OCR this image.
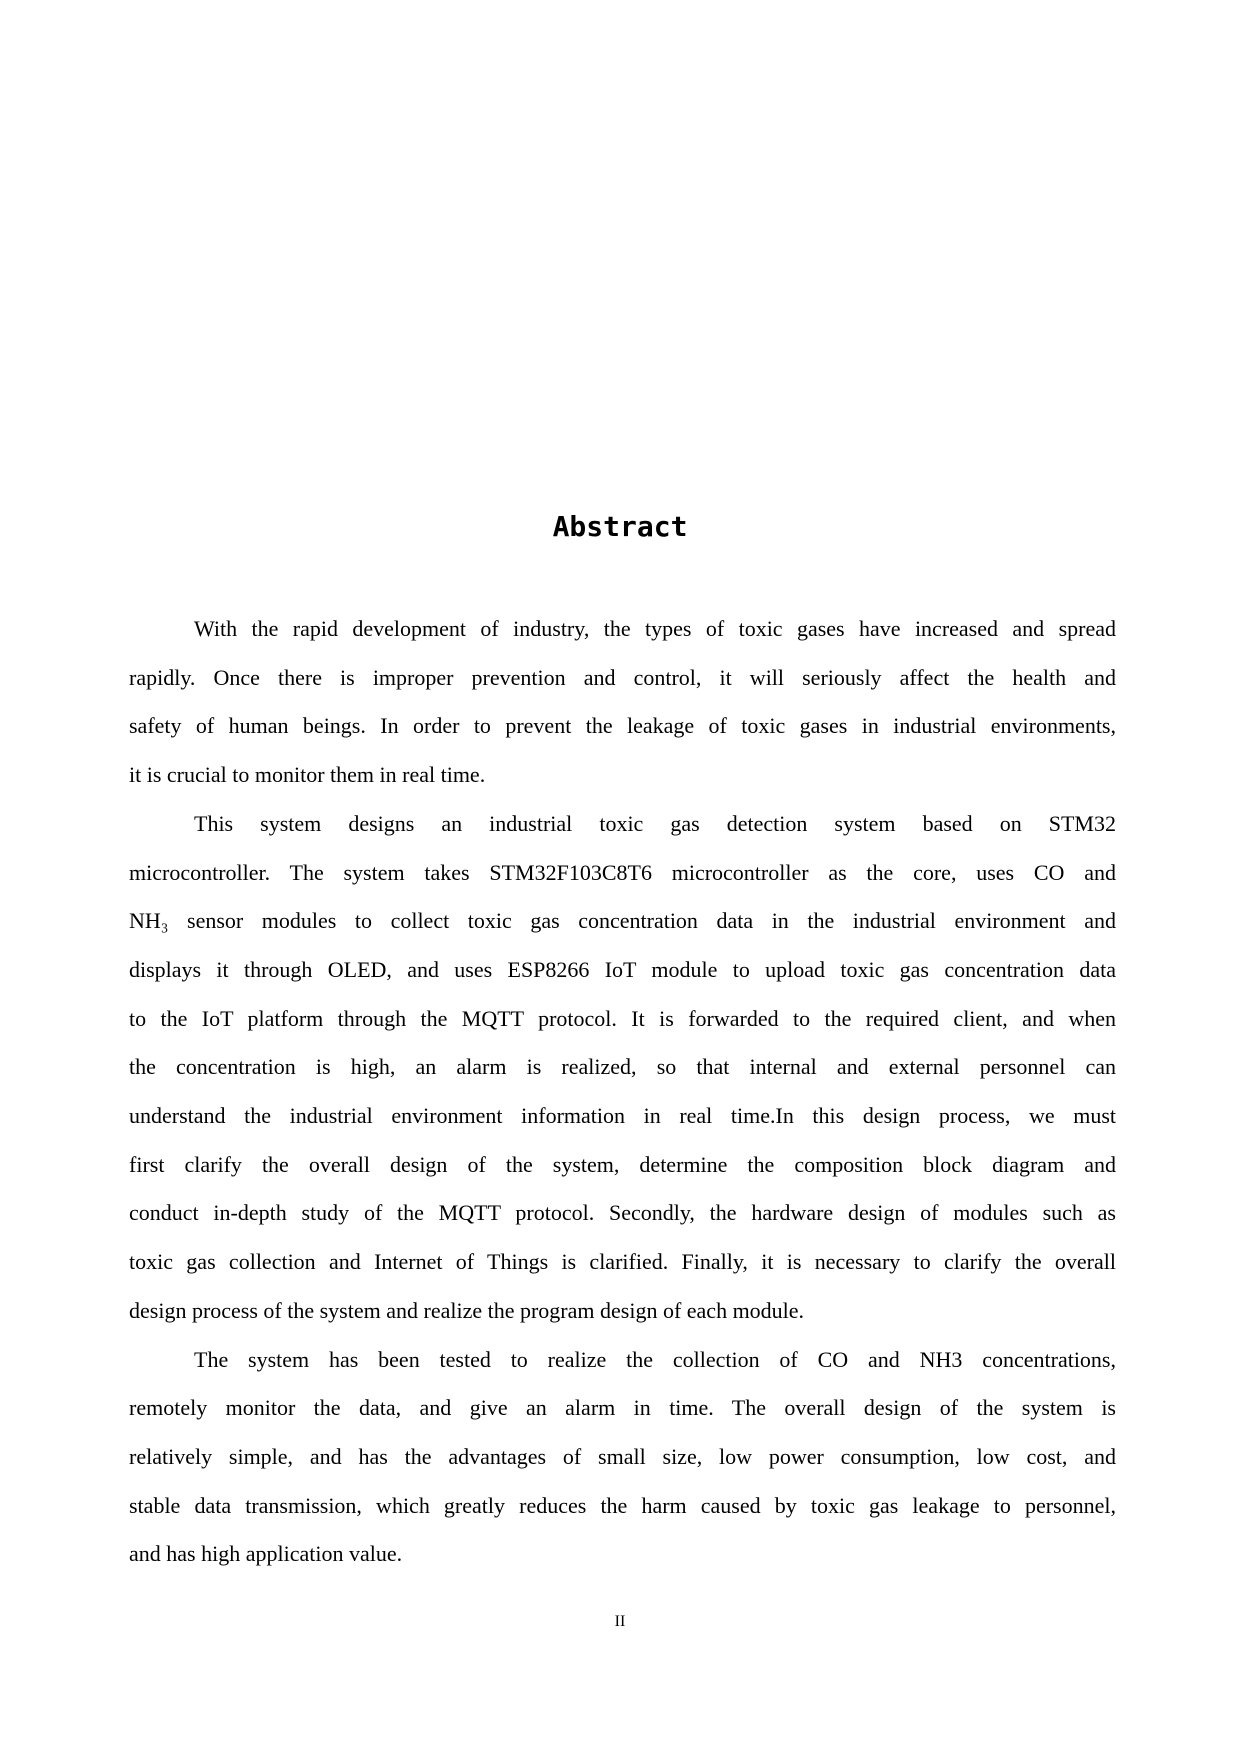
Abstract
With the rapid development of industry, the types of toxic gases have increased and spread
rapidly. Once there is improper prevention and control, it will seriously affect the health and
safety of human beings. In order to prevent the leakage of toxic gases in industrial environments,
it is crucial to monitor them in real time.
This system designs an industrial toxic gas detection system based on STM32
microcontroller. The system takes STM32F103C8T6 microcontroller as the core, uses CO and
NH₃ sensor modules to collect toxic gas concentration data in the industrial environment and
displays it through OLED, and uses ESP8266 IoT module to upload toxic gas concentration data
to the IoT platform through the MQTT protocol. It is forwarded to the required client, and when
the concentration is high, an alarm is realized, so that internal and external personnel can
understand the industrial environment information in real time.In this design process, we must
first clarify the overall design of the system, determine the composition block diagram and
conduct in-depth study of the MQTT protocol. Secondly, the hardware design of modules such as
toxic gas collection and Internet of Things is clarified. Finally, it is necessary to clarify the overall
design process of the system and realize the program design of each module.
The system has been tested to realize the collection of CO and NH3 concentrations,
remotely monitor the data, and give an alarm in time. The overall design of the system is
relatively simple, and has the advantages of small size, low power consumption, low cost, and
stable data transmission, which greatly reduces the harm caused by toxic gas leakage to personnel,
and has high application value.
II
